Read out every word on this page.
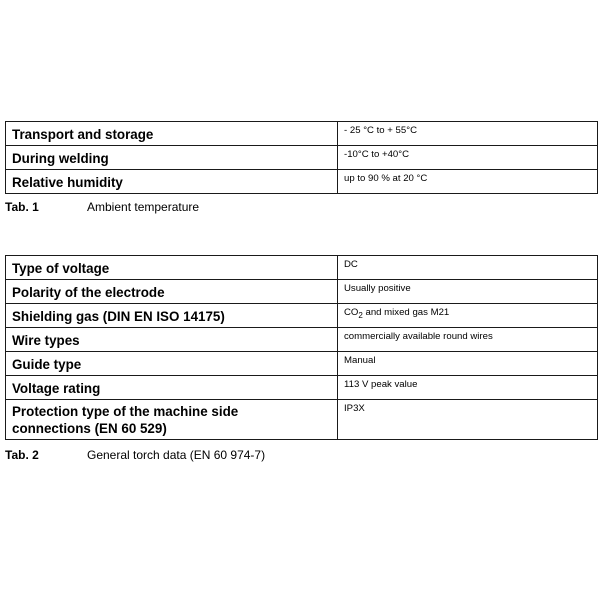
Transport and storage	- 25 °C to + 55°C
During welding	-10°C to +40°C
Relative humidity	up to 90 % at 20 °C
Tab. 1	Ambient temperature
Type of voltage	DC
Polarity of the electrode	Usually positive
Shielding gas (DIN EN ISO 14175)	$CO_2$ and mixed gas M21
Wire types	commercially available round wires
Guide type	Manual
Voltage rating	113 V peak value
Protection type of the machine side
connections (EN 60 529)	IP3X
Tab. 2	General torch data (EN 60 974-7)
